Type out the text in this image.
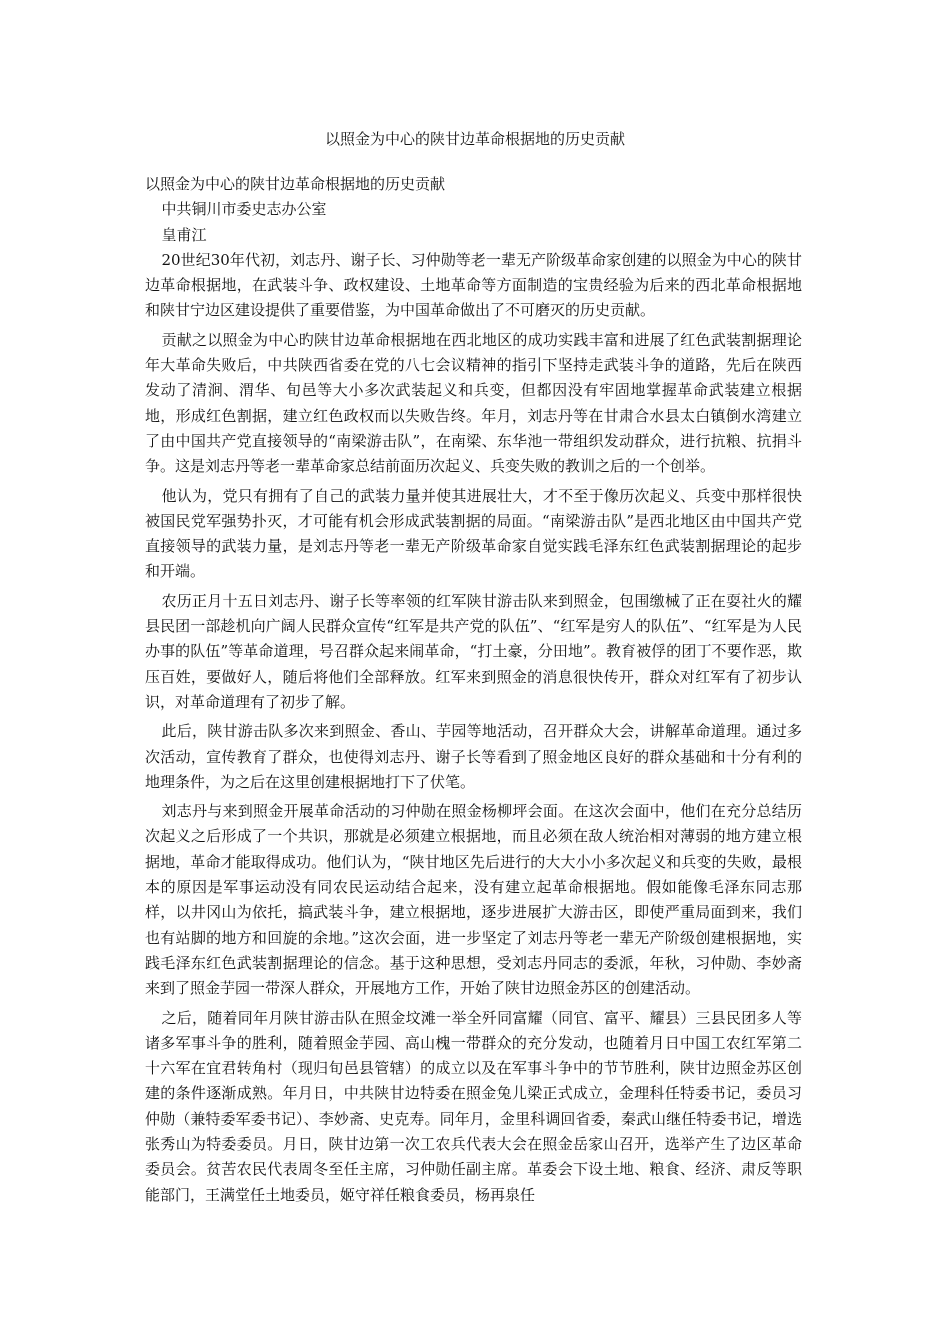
以照金为中心的陕甘边革命根据地的历史贡献

以照金为中心的陕甘边革命根据地的历史贡献

中共铜川市委史志办公室

皇甫江

20世纪30年代初，刘志丹、谢子长、习仲勋等老一辈无产阶级革命家创建的以照金为中心的陕甘边革命根据地，在武装斗争、政权建设、土地革命等方面制造的宝贵经验为后来的西北革命根据地和陕甘宁边区建设提供了重要借鉴，为中国革命做出了不可磨灭的历史贡献。

贡献之以照金为中心旳陕甘边革命根据地在西北地区的成功实践丰富和进展了红色武装割据理论年大革命失败后，中共陕西省委在党的八七会议精神的指引下坚持走武装斗争的道路，先后在陕西发动了清涧、渭华、旬邑等大小多次武装起义和兵变，但都因没有牢固地掌握革命武装建立根据地，形成红色割据，建立红色政权而以失败告终。年月，刘志丹等在甘肃合水县太白镇倒水湾建立了由中国共产党直接领导的“南梁游击队”，在南梁、东华池一带组织发动群众，进行抗粮、抗捐斗争。这是刘志丹等老一辈革命家总结前面历次起义、兵变失败的教训之后的一个创举。

他认为，党只有拥有了自己的武装力量并使其进展壮大，才不至于像历次起义、兵变中那样很快被国民党军强势扑灭，才可能有机会形成武装割据的局面。“南梁游击队”是西北地区由中国共产党直接领导的武装力量，是刘志丹等老一辈无产阶级革命家自觉实践毛泽东红色武装割据理论的起步和开端。

农历正月十五日刘志丹、谢子长等率领的红军陕甘游击队来到照金，包围缴械了正在耍社火的耀县民团一部趁机向广阔人民群众宣传“红军是共产党的队伍”、“红军是穷人的队伍”、“红军是为人民办事的队伍”等革命道理，号召群众起来闹革命，“打土豪，分田地”。教育被俘的团丁不要作恶，欺压百姓，要做好人，随后将他们全部释放。红军来到照金的消息很快传开，群众对红军有了初步认识，对革命道理有了初步了解。

此后，陕甘游击队多次来到照金、香山、芋园等地活动，召开群众大会，讲解革命道理。通过多次活动，宣传教育了群众，也使得刘志丹、谢子长等看到了照金地区良好的群众基础和十分有利的地理条件，为之后在这里创建根据地打下了伏笔。

刘志丹与来到照金开展革命活动的习仲勋在照金杨柳坪会面。在这次会面中，他们在充分总结历次起义之后形成了一个共识，那就是必须建立根据地，而且必须在敌人统治相对薄弱的地方建立根据地，革命才能取得成功。他们认为，“陕甘地区先后进行的大大小小多次起义和兵变的失败，最根本的原因是军事运动没有同农民运动结合起来，没有建立起革命根据地。假如能像毛泽东同志那样，以井冈山为依托，搞武装斗争，建立根据地，逐步进展扩大游击区，即使严重局面到来，我们也有站脚的地方和回旋的余地。”这次会面，进一步坚定了刘志丹等老一辈无产阶级创建根据地，实践毛泽东红色武装割据理论的信念。基于这种思想，受刘志丹同志的委派，年秋，习仲勋、李妙斋来到了照金芋园一带深人群众，开展地方工作，开始了陕甘边照金苏区的创建活动。

之后，随着同年月陕甘游击队在照金坟滩一举全歼同富耀（同官、富平、耀县）三县民团多人等诸多军事斗争的胜利，随着照金芋园、高山槐一带群众的充分发动，也随着月日中国工农红军第二十六军在宜君转角村（现归旬邑县管辖）的成立以及在军事斗争中的节节胜利，陕甘边照金苏区创建的条件逐渐成熟。年月日，中共陕甘边特委在照金兔儿梁正式成立，金理科任特委书记，委员习仲勋（兼特委军委书记）、李妙斋、史克寿。同年月，金里科调回省委，秦武山继任特委书记，增选张秀山为特委委员。月日，陕甘边第一次工农兵代表大会在照金岳家山召开，选举产生了边区革命委员会。贫苦农民代表周冬至任主席，习仲勋任副主席。革委会下设土地、粮食、经济、肃反等职能部门，王满堂任土地委员，姬守祥任粮食委员，杨再泉任
